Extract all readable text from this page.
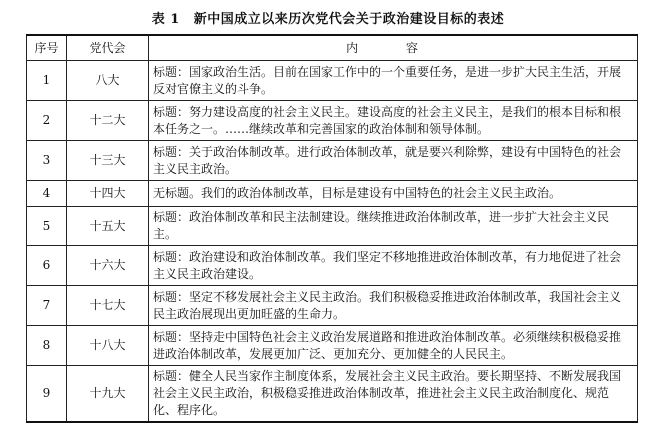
表 1 新中国成立以来历次党代会关于政治建设目标的表述
序号	党代会	内 容
1	八大	标题：国家政治生活。目前在国家工作中的一个重要任务，是进一步扩大民主生活，开展反对官僚主义的斗争。
2	十二大	标题：努力建设高度的社会主义民主。建设高度的社会主义民主，是我们的根本目标和根本任务之一。……继续改革和完善国家的政治体制和领导体制。
3	十三大	标题：关于政治体制改革。进行政治体制改革，就是要兴利除弊，建设有中国特色的社会主义民主政治。
4	十四大	无标题。我们的政治体制改革，目标是建设有中国特色的社会主义民主政治。
5	十五大	标题：政治体制改革和民主法制建设。继续推进政治体制改革，进一步扩大社会主义民主。
6	十六大	标题：政治建设和政治体制改革。我们坚定不移地推进政治体制改革，有力地促进了社会主义民主政治建设。
7	十七大	标题：坚定不移发展社会主义民主政治。我们积极稳妥推进政治体制改革，我国社会主义民主政治展现出更加旺盛的生命力。
8	十八大	标题：坚持走中国特色社会主义政治发展道路和推进政治体制改革。必须继续积极稳妥推进政治体制改革，发展更加广泛、更加充分、更加健全的人民民主。
9	十九大	标题：健全人民当家作主制度体系，发展社会主义民主政治。要长期坚持、不断发展我国社会主义民主政治，积极稳妥推进政治体制改革，推进社会主义民主政治制度化、规范化、程序化。
